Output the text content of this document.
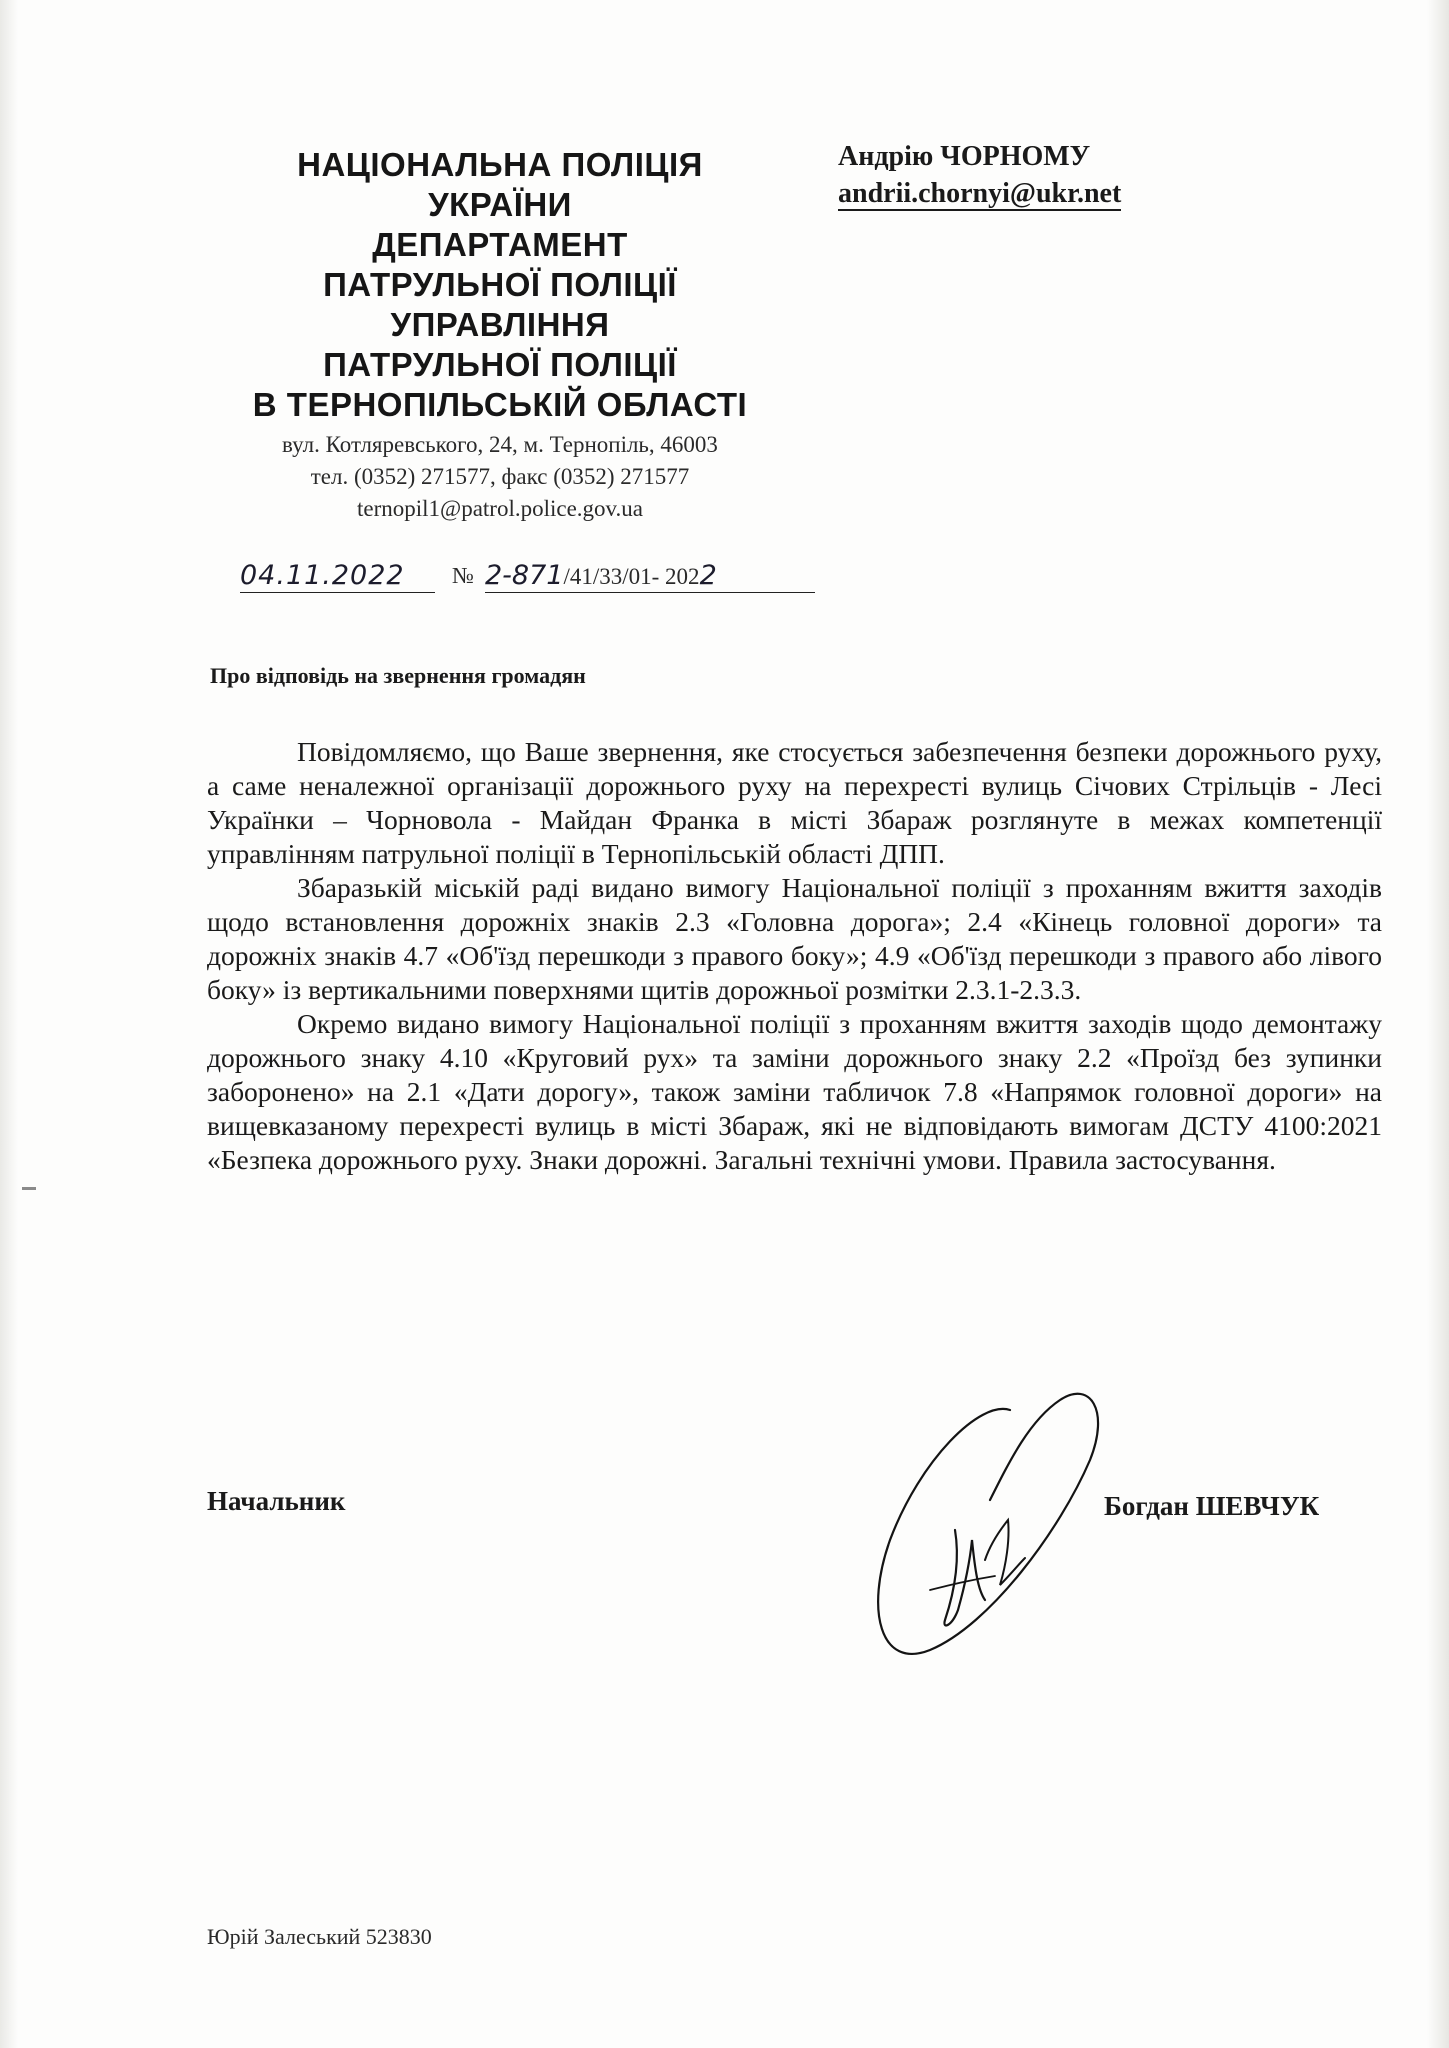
НАЦІОНАЛЬНА ПОЛІЦІЯ
УКРАЇНИ
ДЕПАРТАМЕНТ
ПАТРУЛЬНОЇ ПОЛІЦІЇ
УПРАВЛІННЯ
ПАТРУЛЬНОЇ ПОЛІЦІЇ
В ТЕРНОПІЛЬСЬКІЙ ОБЛАСТІ
вул. Котляревського, 24, м. Тернопіль, 46003
тел. (0352) 271577, факс (0352) 271577
ternopil1@patrol.police.gov.ua
04.11.2022	№ 2-871/41/33/01- 2022
Андрію ЧОРНОМУ
andrii.chornyi@ukr.net
Про відповідь на звернення громадян

Повідомляємо, що Ваше звернення, яке стосується забезпечення безпеки дорожнього руху, а саме неналежної організації дорожнього руху на перехресті вулиць Січових Стрільців - Лесі Українки – Чорновола - Майдан Франка в місті Збараж розглянуте в межах компетенції управлінням патрульної поліції в Тернопільській області ДПП.

Збаразькій міській раді видано вимогу Національної поліції з проханням вжиття заходів щодо встановлення дорожніх знаків 2.3 «Головна дорога»; 2.4 «Кінець головної дороги» та дорожніх знаків 4.7 «Об'їзд перешкоди з правого боку»; 4.9 «Об'їзд перешкоди з правого або лівого боку» із вертикальними поверхнями щитів дорожньої розмітки 2.3.1-2.3.3.

Окремо видано вимогу Національної поліції з проханням вжиття заходів щодо демонтажу дорожнього знаку 4.10 «Круговий рух» та заміни дорожнього знаку 2.2 «Проїзд без зупинки заборонено» на 2.1 «Дати дорогу», також заміни табличок 7.8 «Напрямок головної дороги» на вищевказаному перехресті вулиць в місті Збараж, які не відповідають вимогам ДСТУ 4100:2021 «Безпека дорожнього руху. Знаки дорожні. Загальні технічні умови. Правила застосування.

Начальник	Богдан ШЕВЧУК
Юрій Залеський 523830
